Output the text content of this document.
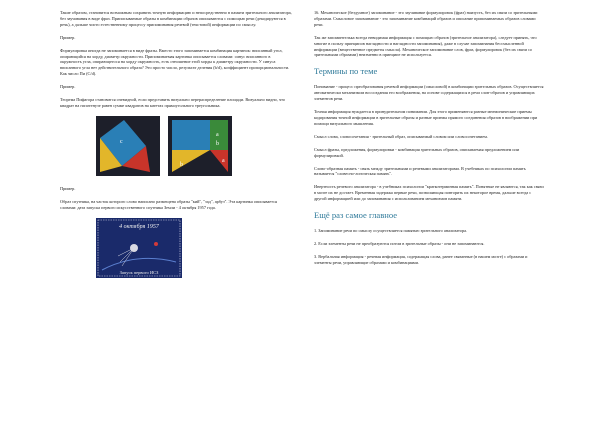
Такие образом, становится возможным сохранить точную информацию и непосредственно в памяти зрительного анализатора, без заучивания в виде фраз. Приписываемые образы в комбинации образов описываются с помощью речи (декодируются в речь), а дальше чисто естественному процессу припоминания речевой (текстовой) информации по смыслу.

Пример.

Формулировка иногда не запоминается в виде фразы. Вместо этого запоминается комбинация картинок: вписанный угол, опирающийся на хорду, диаметр окружности. Припоминаемая картинка описывается словами: синус вписанного в окружность угла, опирающегося на хорду окружность, есть отношение этой хорды к диаметру окружности. У синуса вписанного угла нет действительного образа? Это просто число, результат деления (b/d), коэффициент пропорциональности. Как число Пи (C/d).

Пример.

Теорема Пифагора становится очевидной, если представить визуально перераспределение площади. Визуально видно, что квадрат на гипотенузе равен сумме квадратов на катетах прямоугольного треугольника.

c
a
b
a
b

Пример.

Образ спутника, на часток которого слово написано размещена образы "кий", "зад", арбуз". Эта картинка описывается словами: дата запуска первого искусственного спутника Земли - 4 октября 1957 года.

4 октября 1957
Запуск первого ИСЗ

16. Механическое (бездумное) запоминание - это заучивание формулировок (фраз) наизусть, без их связи со зрительными образами. Смысловое запоминание - это запоминание комбинаций образов и описание припоминаемых образов словами речи.

Так же запоминтелька всегда невидимая информация с помощью образов (зрительное анализатора), следует принять, что многие в пользу принципов наглядности и наглядности запоминания), даже в случае запоминания бессмысленной информации (вещественное предметы смысла). Механическое запоминание слов, фраз, формулировок (без их связи со зрительными образами) неизменно в принципе не используется.

Термины по теме

Понимание - процесс преобразования речевой информации (смысловой) в комбинации зрительных образов. Осуществляется автоматически механизмом воссоздания его воображения, на основе содержащихся в речи слов-образов и управляющих элементов речи.

Точная информация нуждается в принудительном понимании. Для этого применяются разные мнемонические приемы кодирования точной информации в зрительные образы и разные приемы прямого соединения образов в воображении при помощи визуального мышления.

Смысл слова, словосочетания - зрительный образ, описываемый словом или словосочетанием.

Смысл фразы, предложения, формулировки - комбинация зрительных образов, описываемая предложением или формулировкой.

Слово-образная память - связь между зрительными и речевыми анализаторами. В учебниках по психологии память называется "словесно-логическая память".

Инертность речевого анализатора - в учебниках психологии "краткотерминная память". Понятные не являются, так как связи в мозге их не достает. Временная задержка первые речи, позволяющая повторить их некоторое время, дальше всегда с другой информацией или до запоминания с использованием механизмов памяти.

Ещё раз самое главное

1. Запоминание речи по смыслу осуществляется памятью зрительного анализатора.

2. Если элементы речи не преобразуются потом в зрительные образы - они не запоминаются.

3. Вербальная информация - речевая информация, содержащая слова, ранее связанные (в нашем мозге) с образами и элементы речи, управляющие образами и комбинациями.
